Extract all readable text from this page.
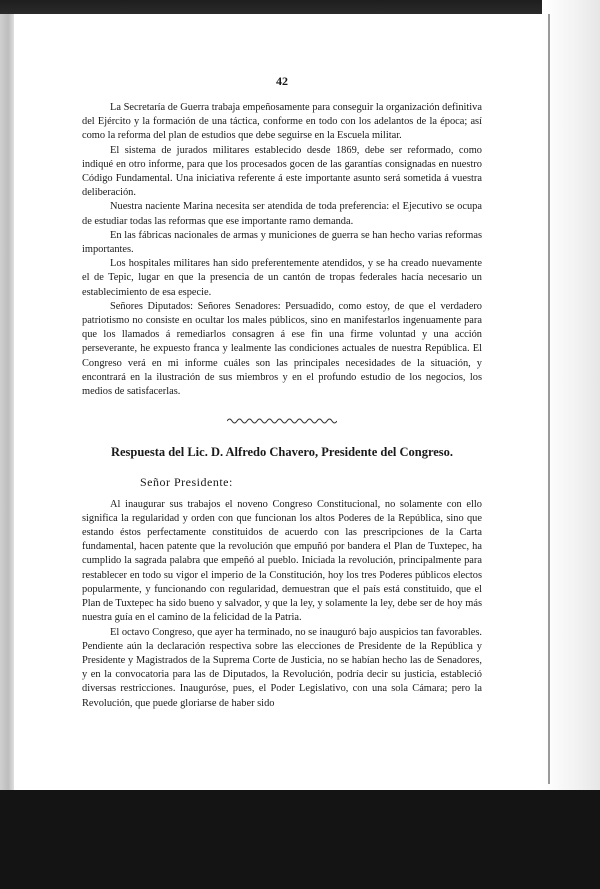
42

La Secretaría de Guerra trabaja empeñosamente para conseguir la organización definitiva del Ejército y la formación de una táctica, conforme en todo con los adelantos de la época; así como la reforma del plan de estudios que debe seguirse en la Escuela militar.

El sistema de jurados militares establecido desde 1869, debe ser reformado, como indiqué en otro informe, para que los procesados gocen de las garantías consignadas en nuestro Código Fundamental. Una iniciativa referente á este importante asunto será sometida á vuestra deliberación.

Nuestra naciente Marina necesita ser atendida de toda preferencia: el Ejecutivo se ocupa de estudiar todas las reformas que ese importante ramo demanda.

En las fábricas nacionales de armas y municiones de guerra se han hecho varias reformas importantes.

Los hospitales militares han sido preferentemente atendidos, y se ha creado nuevamente el de Tepic, lugar en que la presencia de un cantón de tropas federales hacía necesario un establecimiento de esa especie.

Señores Diputados: Señores Senadores: Persuadido, como estoy, de que el verdadero patriotismo no consiste en ocultar los males públicos, sino en manifestarlos ingenuamente para que los llamados á remediarlos consagren á ese fin una firme voluntad y una acción perseverante, he expuesto franca y lealmente las condiciones actuales de nuestra República. El Congreso verá en mi informe cuáles son las principales necesidades de la situación, y encontrará en la ilustración de sus miembros y en el profundo estudio de los negocios, los medios de satisfacerlas.

Respuesta del Lic. D. Alfredo Chavero, Presidente del Congreso.

Señor Presidente:

Al inaugurar sus trabajos el noveno Congreso Constitucional, no solamente con ello significa la regularidad y orden con que funcionan los altos Poderes de la República, sino que estando éstos perfectamente constituidos de acuerdo con las prescripciones de la Carta fundamental, hacen patente que la revolución que empuñó por bandera el Plan de Tuxtepec, ha cumplido la sagrada palabra que empeñó al pueblo. Iniciada la revolución, principalmente para restablecer en todo su vigor el imperio de la Constitución, hoy los tres Poderes públicos electos popularmente, y funcionando con regularidad, demuestran que el país está constituido, que el Plan de Tuxtepec ha sido bueno y salvador, y que la ley, y solamente la ley, debe ser de hoy más nuestra guía en el camino de la felicidad de la Patria.

El octavo Congreso, que ayer ha terminado, no se inauguró bajo auspicios tan favorables. Pendiente aún la declaración respectiva sobre las elecciones de Presidente de la República y Presidente y Magistrados de la Suprema Corte de Justicia, no se habían hecho las de Senadores, y en la convocatoria para las de Diputados, la Revolución, podría decir su justicia, estableció diversas restricciones. Inauguróse, pues, el Poder Legislativo, con una sola Cámara; pero la Revolución, que puede gloriarse de haber sido
